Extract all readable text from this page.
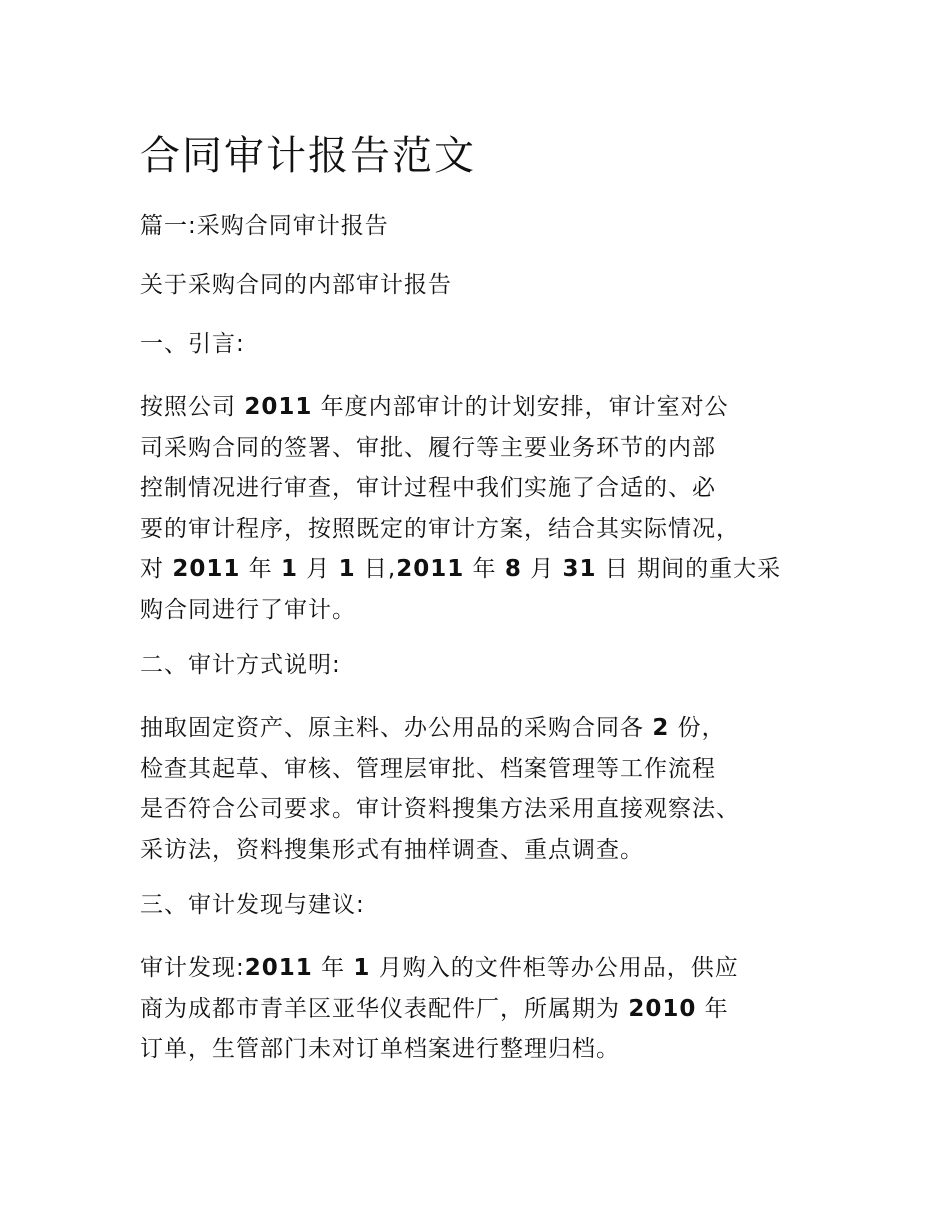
合同审计报告范文
篇一:采购合同审计报告
关于采购合同的内部审计报告
一、引言:
按照公司 2011 年度内部审计的计划安排，审计室对公
司采购合同的签署、审批、履行等主要业务环节的内部
控制情况进行审查，审计过程中我们实施了合适的、必
要的审计程序，按照既定的审计方案，结合其实际情况，
对 2011 年 1 月 1 日,2011 年 8 月 31 日 期间的重大采
购合同进行了审计。
二、审计方式说明:
抽取固定资产、原主料、办公用品的采购合同各 2 份，
检查其起草、审核、管理层审批、档案管理等工作流程
是否符合公司要求。审计资料搜集方法采用直接观察法、
采访法，资料搜集形式有抽样调查、重点调查。
三、审计发现与建议:
审计发现:2011 年 1 月购入的文件柜等办公用品，供应
商为成都市青羊区亚华仪表配件厂，所属期为 2010 年
订单，生管部门未对订单档案进行整理归档。
